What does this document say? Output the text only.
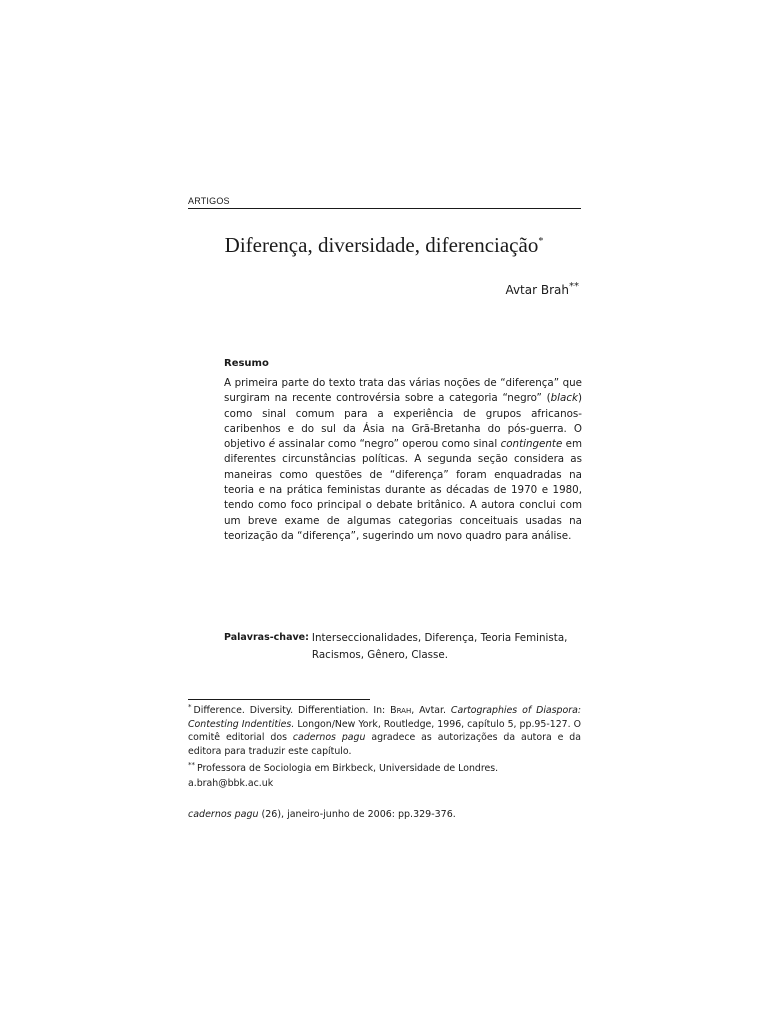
ARTIGOS
Diferença, diversidade, diferenciação*
Avtar Brah**
Resumo
A primeira parte do texto trata das várias noções de “diferença” que surgiram na recente controvérsia sobre a categoria “negro” (black) como sinal comum para a experiência de grupos africanos-caribenhos e do sul da Ásia na Grã-Bretanha do pós-guerra. O objetivo é assinalar como “negro” operou como sinal contingente em diferentes circunstâncias políticas. A segunda seção considera as maneiras como questões de “diferença” foram enquadradas na teoria e na prática feministas durante as décadas de 1970 e 1980, tendo como foco principal o debate britânico. A autora conclui com um breve exame de algumas categorias conceituais usadas na teorização da “diferença”, sugerindo um novo quadro para análise.
Palavras-chave: Interseccionalidades, Diferença, Teoria Feminista, Racismos, Gênero, Classe.
* Difference. Diversity. Differentiation. In: Brah, Avtar. Cartographies of Diaspora: Contesting Indentities. Longon/New York, Routledge, 1996, capítulo 5, pp.95-127. O comitê editorial dos cadernos pagu agradece as autorizações da autora e da editora para traduzir este capítulo.
** Professora de Sociologia em Birkbeck, Universidade de Londres.
a.brah@bbk.ac.uk
cadernos pagu (26), janeiro-junho de 2006: pp.329-376.
